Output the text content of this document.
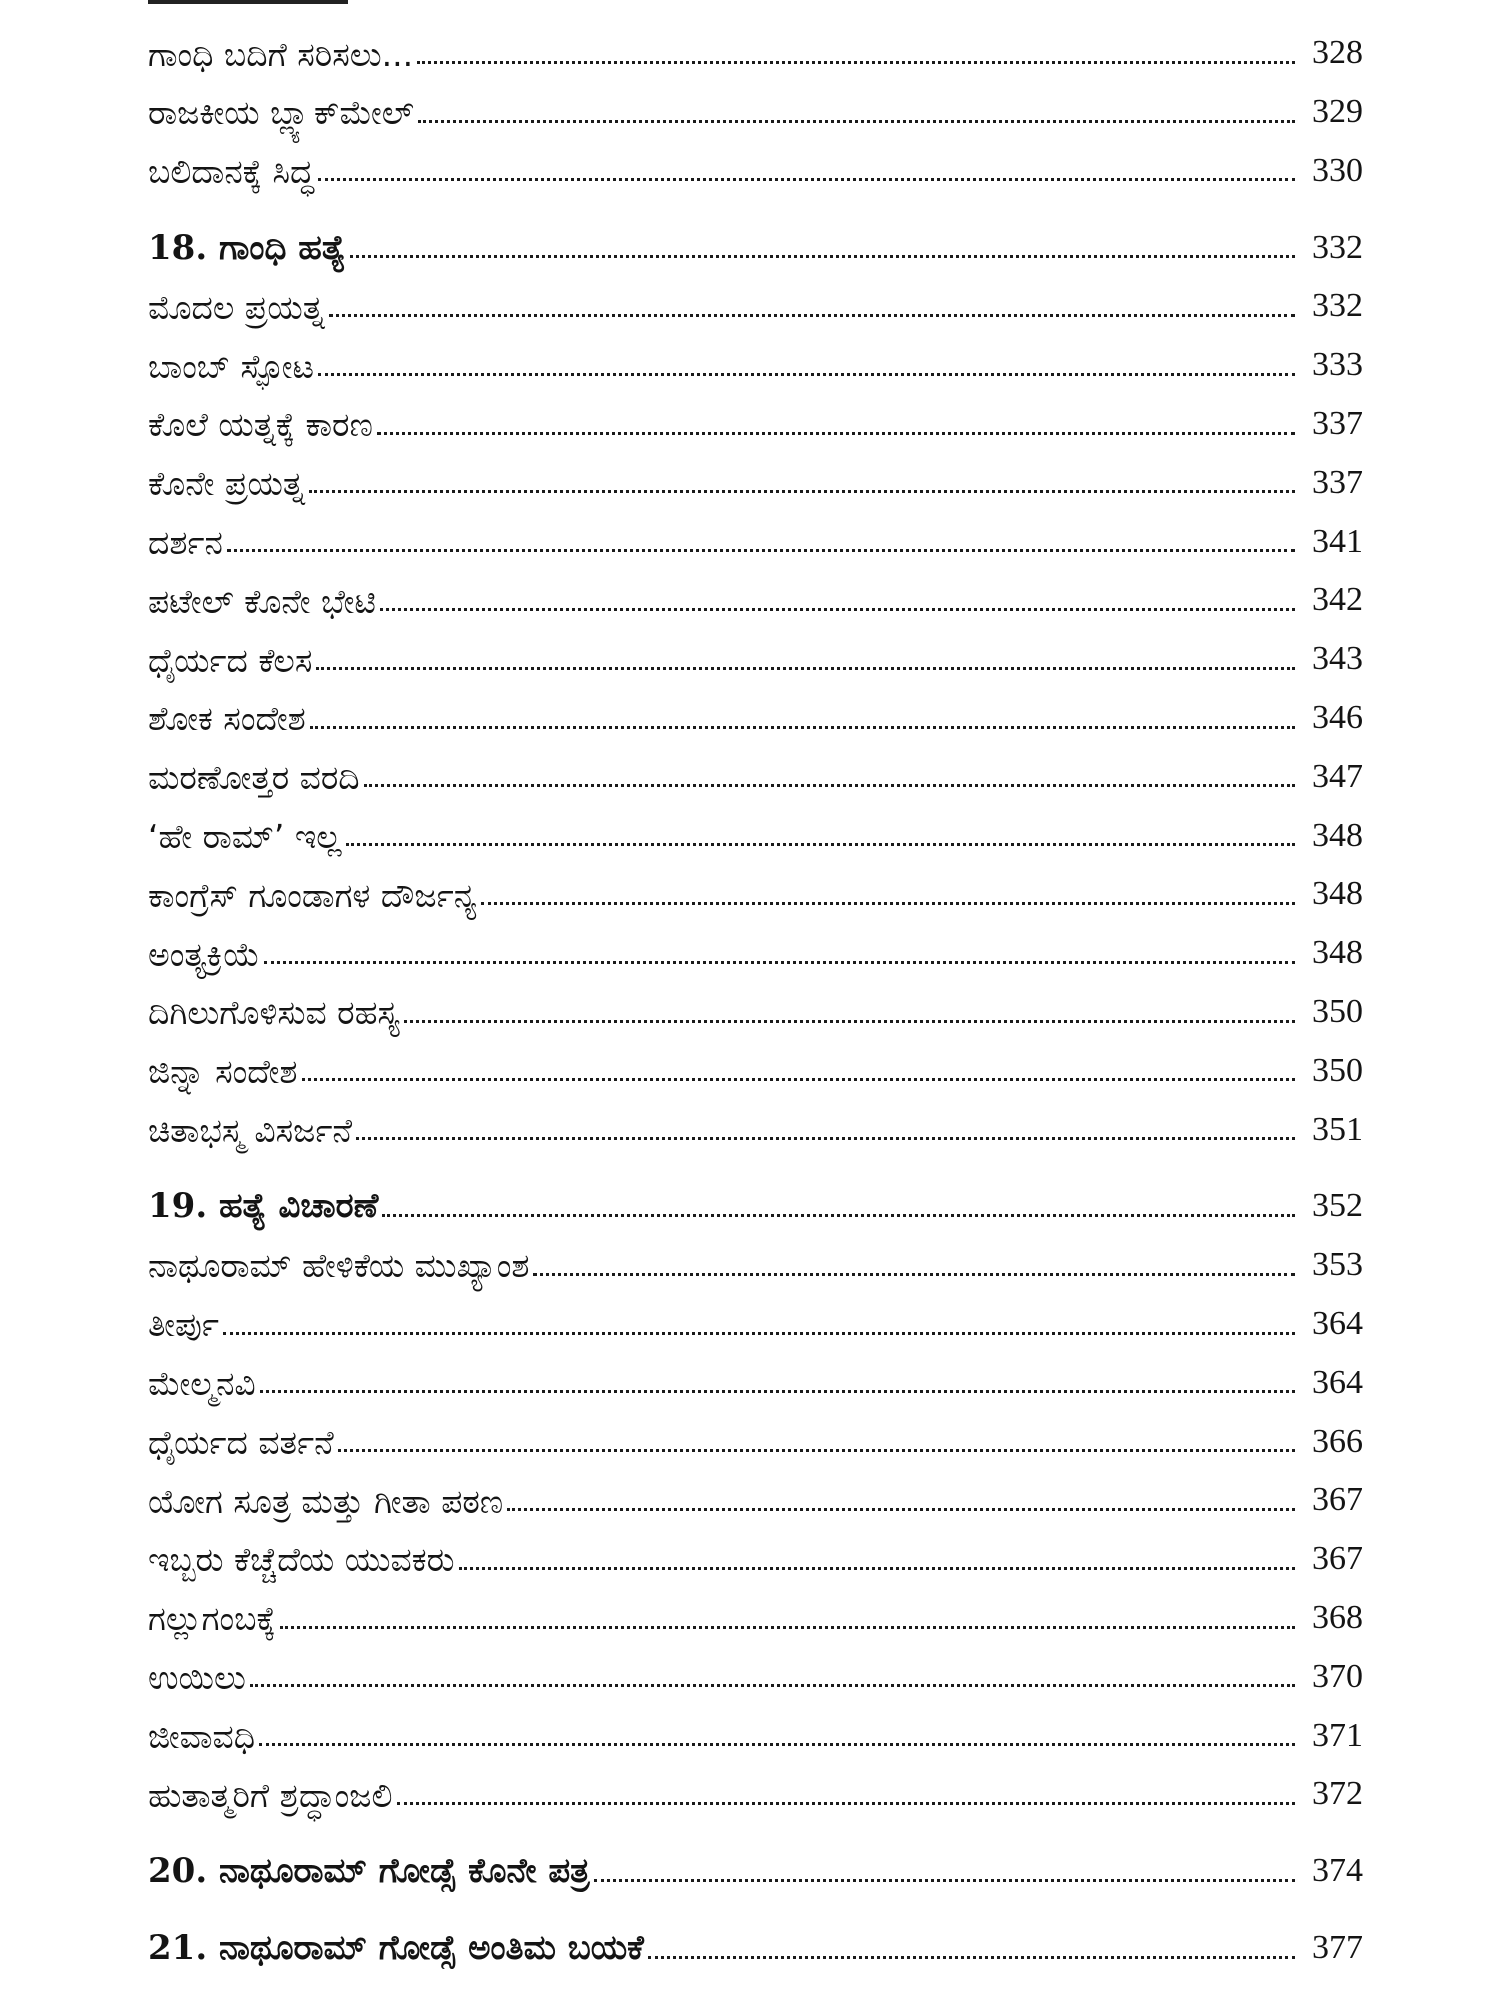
ಗಾಂಧಿ ಬದಿಗೆ ಸರಿಸಲು...	328
ರಾಜಕೀಯ ಬ್ಲ್ಯಾಕ್‌ಮೇಲ್	329
ಬಲಿದಾನಕ್ಕೆ ಸಿದ್ಧ	330
18. ಗಾಂಧಿ ಹತ್ಯೆ	332
ಮೊದಲ ಪ್ರಯತ್ನ	332
ಬಾಂಬ್ ಸ್ಫೋಟ	333
ಕೊಲೆ ಯತ್ನಕ್ಕೆ ಕಾರಣ	337
ಕೊನೇ ಪ್ರಯತ್ನ	337
ದರ್ಶನ	341
ಪಟೇಲ್ ಕೊನೇ ಭೇಟಿ	342
ಧೈರ್ಯದ ಕೆಲಸ	343
ಶೋಕ ಸಂದೇಶ	346
ಮರಣೋತ್ತರ ವರದಿ	347
‘ಹೇ ರಾಮ್’ ಇಲ್ಲ	348
ಕಾಂಗ್ರೆಸ್ ಗೂಂಡಾಗಳ ದೌರ್ಜನ್ಯ	348
ಅಂತ್ಯಕ್ರಿಯೆ	348
ದಿಗಿಲುಗೊಳಿಸುವ ರಹಸ್ಯ	350
ಜಿನ್ನಾ ಸಂದೇಶ	350
ಚಿತಾಭಸ್ಮ ವಿಸರ್ಜನೆ	351
19. ಹತ್ಯೆ ವಿಚಾರಣೆ	352
ನಾಥೂರಾಮ್ ಹೇಳಿಕೆಯ ಮುಖ್ಯಾಂಶ	353
ತೀರ್ಪು	364
ಮೇಲ್ಮನವಿ	364
ಧೈರ್ಯದ ವರ್ತನೆ	366
ಯೋಗ ಸೂತ್ರ ಮತ್ತು ಗೀತಾ ಪಠಣ	367
ಇಬ್ಬರು ಕೆಚ್ಚೆದೆಯ ಯುವಕರು	367
ಗಲ್ಲುಗಂಬಕ್ಕೆ	368
ಉಯಿಲು	370
ಜೀವಾವಧಿ	371
ಹುತಾತ್ಮರಿಗೆ ಶ್ರದ್ಧಾಂಜಲಿ	372
20. ನಾಥೂರಾಮ್ ಗೋಡ್ಸೆ ಕೊನೇ ಪತ್ರ	374
21. ನಾಥೂರಾಮ್ ಗೋಡ್ಸೆ ಅಂತಿಮ ಬಯಕೆ	377
